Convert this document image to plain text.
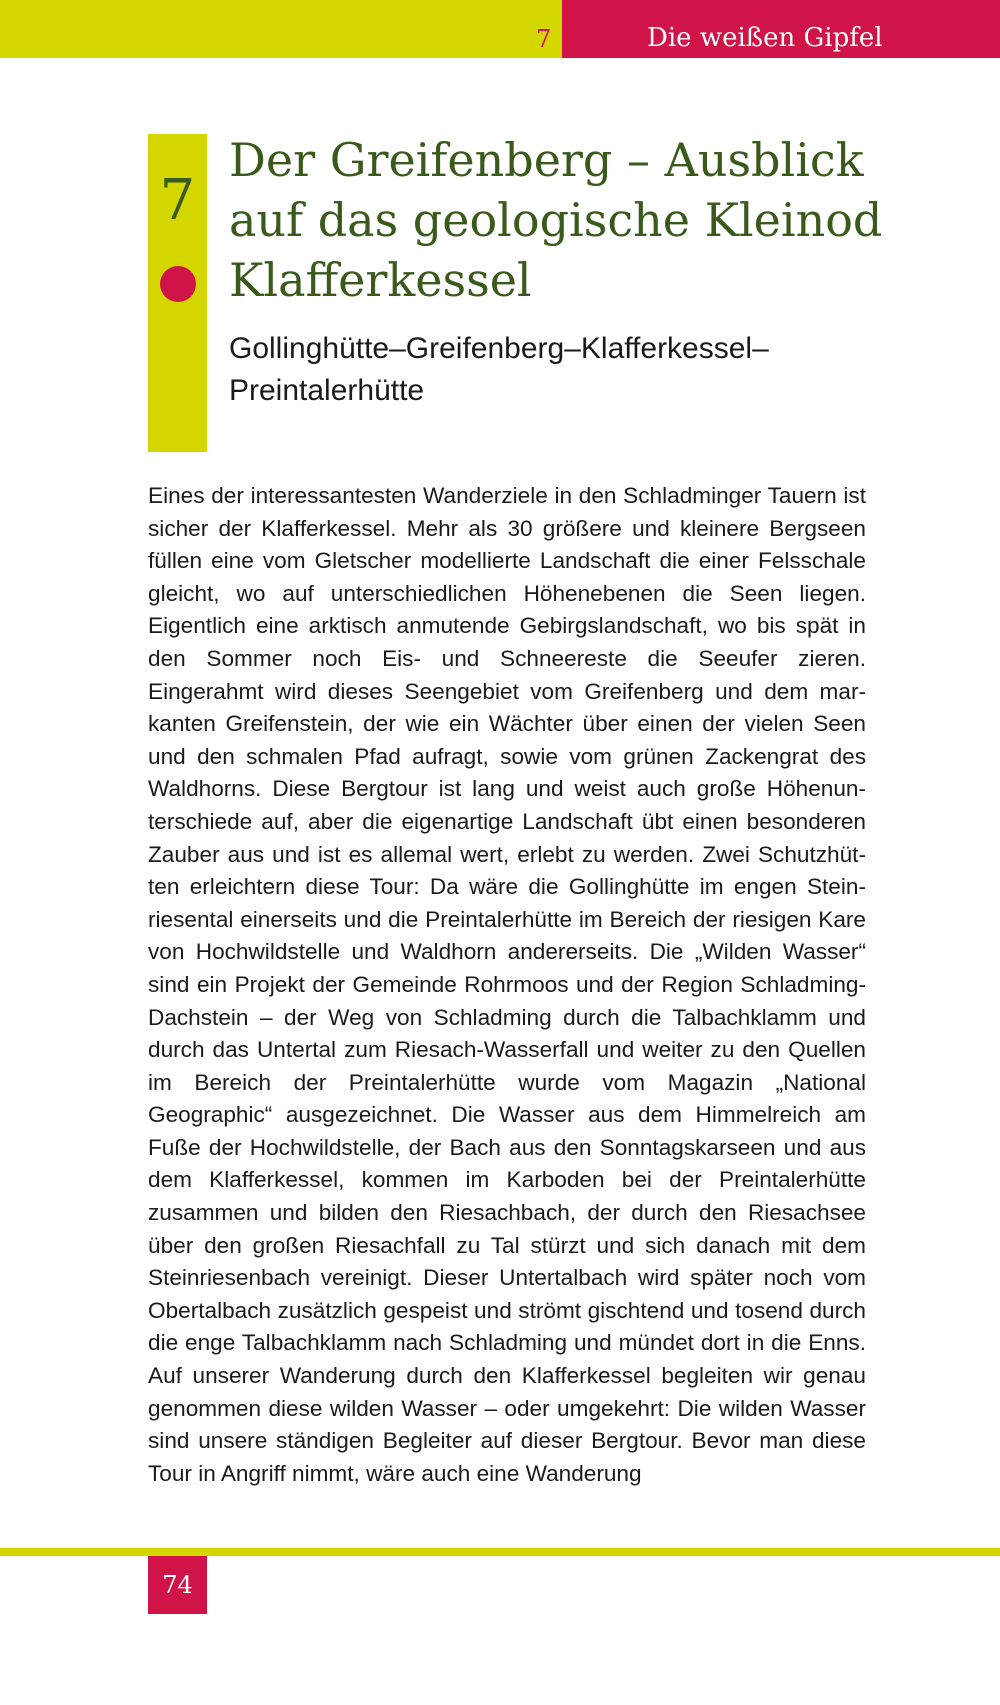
7	Die weißen Gipfel
7
Der Greifenberg – Ausblick auf das geologische Kleinod Klafferkessel
Gollinghütte–Greifenberg–Klafferkessel–Preintalerhütte

Eines der interessantesten Wanderziele in den Schladminger Tauern ist sicher der Klafferkessel. Mehr als 30 größere und kleinere Bergseen füllen eine vom Gletscher modellierte Landschaft die einer Felsschale gleicht, wo auf unterschiedlichen Höhenebenen die Seen liegen. Eigentlich eine arktisch anmutende Gebirgslandschaft, wo bis spät in den Sommer noch Eis- und Schneereste die Seeufer zieren. Eingerahmt wird dieses Seengebiet vom Greifenberg und dem markanten Greifenstein, der wie ein Wächter über einen der vielen Seen und den schmalen Pfad aufragt, sowie vom grünen Zackengrat des Waldhorns. Diese Bergtour ist lang und weist auch große Höhenunterschiede auf, aber die eigenartige Landschaft übt einen besonderen Zauber aus und ist es allemal wert, erlebt zu werden. Zwei Schutzhütten erleichtern diese Tour: Da wäre die Gollinghütte im engen Steinriesental einerseits und die Preintalerhütte im Bereich der riesigen Kare von Hochwildstelle und Waldhorn andererseits. Die „Wilden Wasser“ sind ein Projekt der Gemeinde Rohrmoos und der Region Schladming-Dachstein – der Weg von Schladming durch die Talbachklamm und durch das Untertal zum Riesach-Wasserfall und weiter zu den Quellen im Bereich der Preintalerhütte wurde vom Magazin „National Geographic“ ausgezeichnet. Die Wasser aus dem Himmelreich am Fuße der Hochwildstelle, der Bach aus den Sonntagskarseen und aus dem Klafferkessel, kommen im Karboden bei der Preintalerhütte zusammen und bilden den Riesachbach, der durch den Riesachsee über den großen Riesachfall zu Tal stürzt und sich danach mit dem Steinriesenbach vereinigt. Dieser Untertalbach wird später noch vom Obertalbach zusätzlich gespeist und strömt gischtend und tosend durch die enge Talbachklamm nach Schladming und mündet dort in die Enns. Auf unserer Wanderung durch den Klafferkessel begleiten wir genau genommen diese wilden Wasser – oder umgekehrt: Die wilden Wasser sind unsere ständigen Begleiter auf dieser Bergtour. Bevor man diese Tour in Angriff nimmt, wäre auch eine Wanderung

74
